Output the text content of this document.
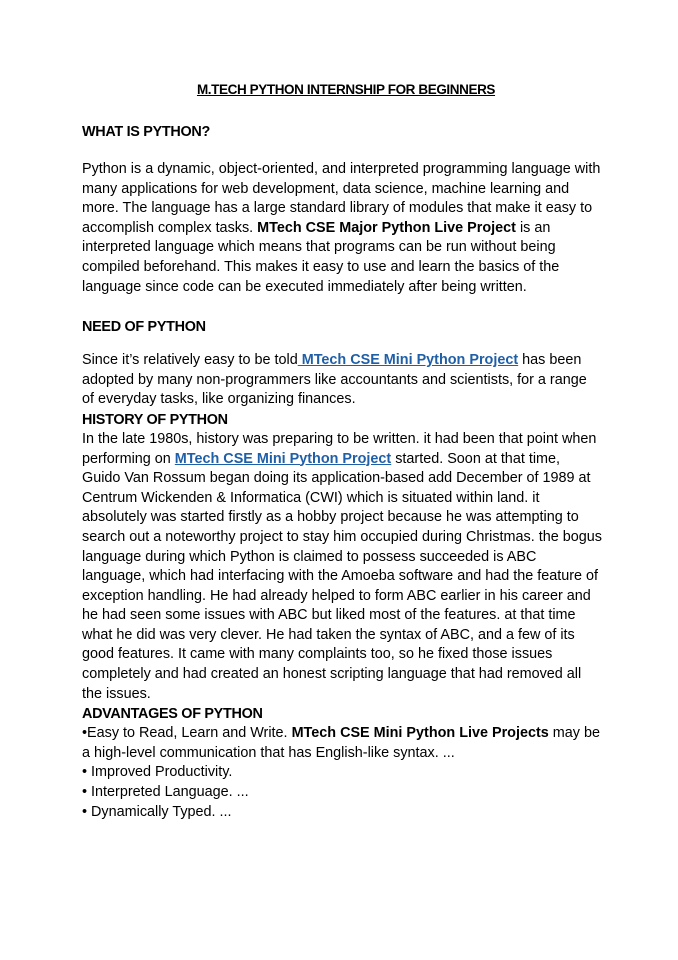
M.TECH PYTHON INTERNSHIP FOR BEGINNERS

WHAT IS PYTHON?

Python is a dynamic, object-oriented, and interpreted programming language with many applications for web development, data science, machine learning and more. The language has a large standard library of modules that make it easy to accomplish complex tasks. MTech CSE Major Python Live Project is an interpreted language which means that programs can be run without being compiled beforehand. This makes it easy to use and learn the basics of the language since code can be executed immediately after being written.

NEED OF PYTHON

Since it’s relatively easy to be told MTech CSE Mini Python Project has been adopted by many non-programmers like accountants and scientists, for a range of everyday tasks, like organizing finances.

HISTORY OF PYTHON

In the late 1980s, history was preparing to be written. it had been that point when performing on MTech CSE Mini Python Project started. Soon at that time, Guido Van Rossum began doing its application-based add December of 1989 at Centrum Wickenden & Informatica (CWI) which is situated within land. it absolutely was started firstly as a hobby project because he was attempting to search out a noteworthy project to stay him occupied during Christmas. the bogus language during which Python is claimed to possess succeeded is ABC language, which had interfacing with the Amoeba software and had the feature of exception handling. He had already helped to form ABC earlier in his career and he had seen some issues with ABC but liked most of the features. at that time what he did was very clever. He had taken the syntax of ABC, and a few of its good features. It came with many complaints too, so he fixed those issues completely and had created an honest scripting language that had removed all the issues.

ADVANTAGES OF PYTHON

•Easy to Read, Learn and Write. MTech CSE Mini Python Live Projects may be a high-level communication that has English-like syntax. ...

• Improved Productivity.

• Interpreted Language. ...

• Dynamically Typed. ...
